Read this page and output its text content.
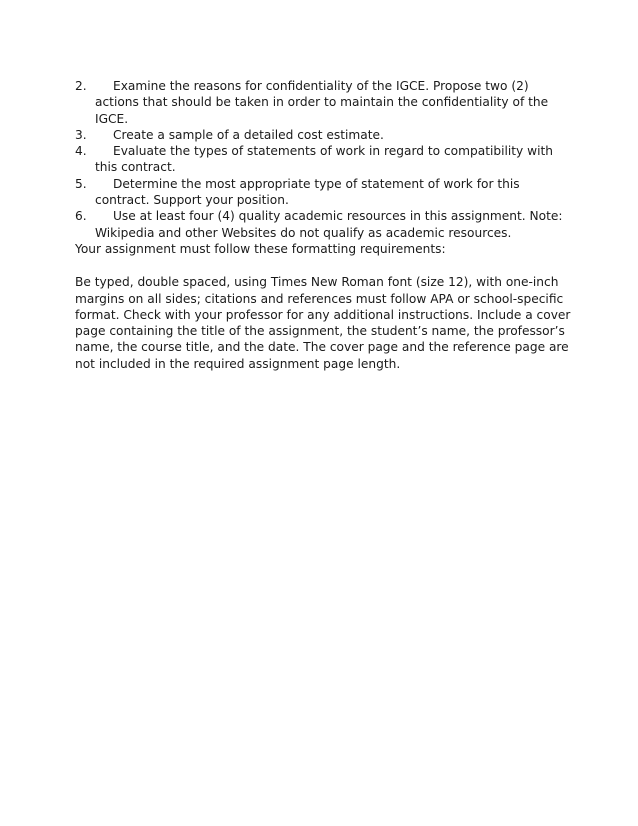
2.	Examine the reasons for confidentiality of the IGCE. Propose two (2) actions that should be taken in order to maintain the confidentiality of the IGCE.
3.	Create a sample of a detailed cost estimate.
4.	Evaluate the types of statements of work in regard to compatibility with this contract.
5.	Determine the most appropriate type of statement of work for this contract. Support your position.
6.	Use at least four (4) quality academic resources in this assignment. Note: Wikipedia and other Websites do not qualify as academic resources.

Your assignment must follow these formatting requirements:

Be typed, double spaced, using Times New Roman font (size 12), with one-inch margins on all sides; citations and references must follow APA or school-specific format. Check with your professor for any additional instructions. Include a cover page containing the title of the assignment, the student’s name, the professor’s name, the course title, and the date. The cover page and the reference page are not included in the required assignment page length.
